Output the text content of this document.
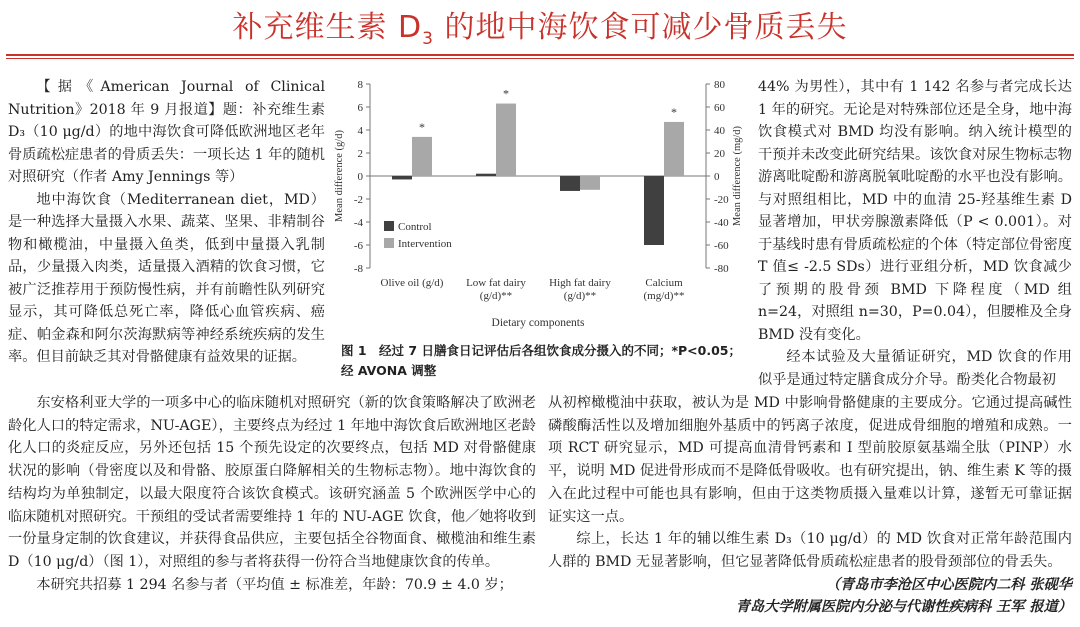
补充维生素 $D_3$ 的地中海饮食可减少骨质丢失

【据《American Journal of Clinical Nutrition》2018 年 9 月报道】题：补充维生素 D₃（10 μg/d）的地中海饮食可降低欧洲地区老年骨质疏松症患者的骨质丢失：一项长达 1 年的随机对照研究（作者 Amy Jennings 等）

地中海饮食（Mediterranean diet，MD）是一种选择大量摄入水果、蔬菜、坚果、非精制谷物和橄榄油，中量摄入鱼类，低到中量摄入乳制品，少量摄入肉类，适量摄入酒精的饮食习惯，它被广泛推荐用于预防慢性病，并有前瞻性队列研究显示，其可降低总死亡率，降低心血管疾病、癌症、帕金森和阿尔茨海默病等神经系统疾病的发生率。但目前缺乏其对骨骼健康有益效果的证据。

44% 为男性），其中有 1 142 名参与者完成长达 1 年的研究。无论是对特殊部位还是全身，地中海饮食模式对 BMD 均没有影响。纳入统计模型的干预并未改变此研究结果。该饮食对尿生物标志物游离吡啶酚和游离脱氧吡啶酚的水平也没有影响。与对照组相比，MD 中的血清 25-羟基维生素 D 显著增加，甲状旁腺激素降低（P < 0.001）。对于基线时患有骨质疏松症的个体（特定部位骨密度 T 值≤ -2.5 SDs）进行亚组分析，MD 饮食减少了预期的股骨颈 BMD 下降程度（MD 组 n=24，对照组 n=30，P=0.04），但腰椎及全身 BMD 没有变化。

经本试验及大量循证研究，MD 饮食的作用似乎是通过特定膳食成分介导。酚类化合物最初

东安格利亚大学的一项多中心的临床随机对照研究（新的饮食策略解决了欧洲老龄化人口的特定需求，NU-AGE），主要终点为经过 1 年地中海饮食后欧洲地区老龄化人口的炎症反应，另外还包括 15 个预先设定的次要终点，包括 MD 对骨骼健康状况的影响（骨密度以及和骨骼、胶原蛋白降解相关的生物标志物）。地中海饮食的结构均为单独制定，以最大限度符合该饮食模式。该研究涵盖 5 个欧洲医学中心的临床随机对照研究。干预组的受试者需要维持 1 年的 NU-AGE 饮食，他／她将收到一份量身定制的饮食建议，并获得食品供应，主要包括全谷物面食、橄榄油和维生素 D（10 μg/d）（图 1），对照组的参与者将获得一份符合当地健康饮食的传单。

本研究共招募 1 294 名参与者（平均值 ± 标准差，年龄：70.9 ± 4.0 岁；

从初榨橄榄油中获取，被认为是 MD 中影响骨骼健康的主要成分。它通过提高碱性磷酸酶活性以及增加细胞外基质中的钙离子浓度，促进成骨细胞的增殖和成熟。一项 RCT 研究显示，MD 可提高血清骨钙素和 I 型前胶原氨基端全肽（PINP）水平，说明 MD 促进骨形成而不是降低骨吸收。也有研究提出，钠、维生素 K 等的摄入在此过程中可能也具有影响，但由于这类物质摄入量难以计算，遂暂无可靠证据证实这一点。

综上，长达 1 年的辅以维生素 D₃（10 μg/d）的 MD 饮食对正常年龄范围内人群的 BMD 无显著影响，但它显著降低骨质疏松症患者的股骨颈部位的骨丢失。

（青岛市李沧区中心医院内二科 张砚华

青岛大学附属医院内分泌与代谢性疾病科 王军 报道）

-8
-6
-4
-2
0
2
4
6
8
-80
-60
-40
-20
0
20
40
60
80
*
Olive oil (g/d)
*
Low fat dairy
(g/d)**
High fat dairy
(g/d)**
*
Calcium
(mg/d)**
Dietary components
Mean difference (g/d)	Mean difference (mg/d)
Control
Intervention
图 1　经过 7 日膳食日记评估后各组饮食成分摄入的不同；*P<0.05；经 AVONA 调整
